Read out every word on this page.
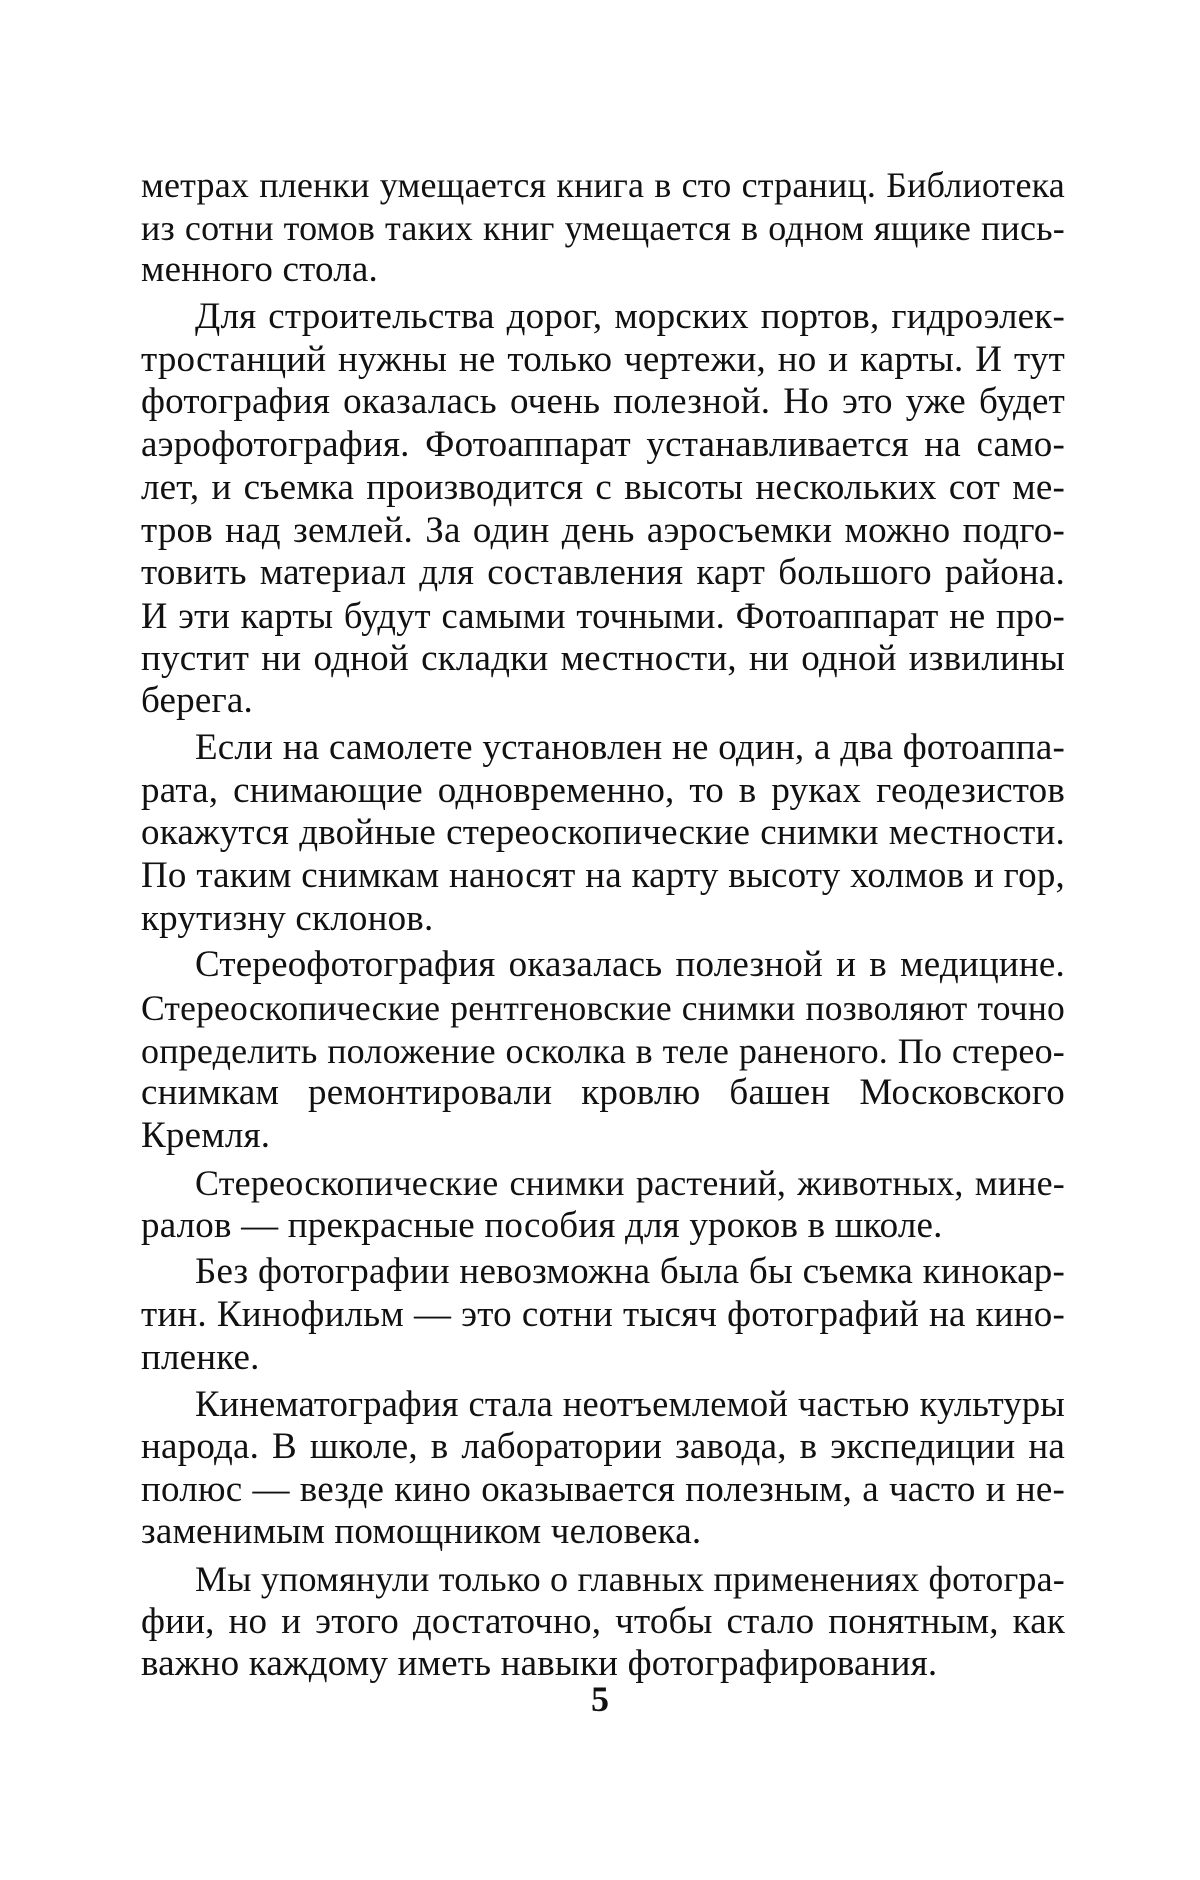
метрах пленки умещается книга в сто страниц. Библиотека
из сотни томов таких книг умещается в одном ящике пись-
менного стола.
Для строительства дорог, морских портов, гидроэлек-
тростанций нужны не только чертежи, но и карты. И тут
фотография оказалась очень полезной. Но это уже будет
аэрофотография. Фотоаппарат устанавливается на само-
лет, и съемка производится с высоты нескольких сот ме-
тров над землей. За один день аэросъемки можно подго-
товить материал для составления карт большого района.
И эти карты будут самыми точными. Фотоаппарат не про-
пустит ни одной складки местности, ни одной извилины
берега.
Если на самолете установлен не один, а два фотоаппа-
рата, снимающие одновременно, то в руках геодезистов
окажутся двойные стереоскопические снимки местности.
По таким снимкам наносят на карту высоту холмов и гор,
крутизну склонов.
Стереофотография оказалась полезной и в медицине.
Стереоскопические рентгеновские снимки позволяют точно
определить положение осколка в теле раненого. По стерео-
снимкам ремонтировали кровлю башен Московского
Кремля.
Стереоскопические снимки растений, животных, мине-
ралов — прекрасные пособия для уроков в школе.
Без фотографии невозможна была бы съемка кинокар-
тин. Кинофильм — это сотни тысяч фотографий на кино-
пленке.
Кинематография стала неотъемлемой частью культуры
народа. В школе, в лаборатории завода, в экспедиции на
полюс — везде кино оказывается полезным, а часто и не-
заменимым помощником человека.
Мы упомянули только о главных применениях фотогра-
фии, но и этого достаточно, чтобы стало понятным, как
важно каждому иметь навыки фотографирования.
5
